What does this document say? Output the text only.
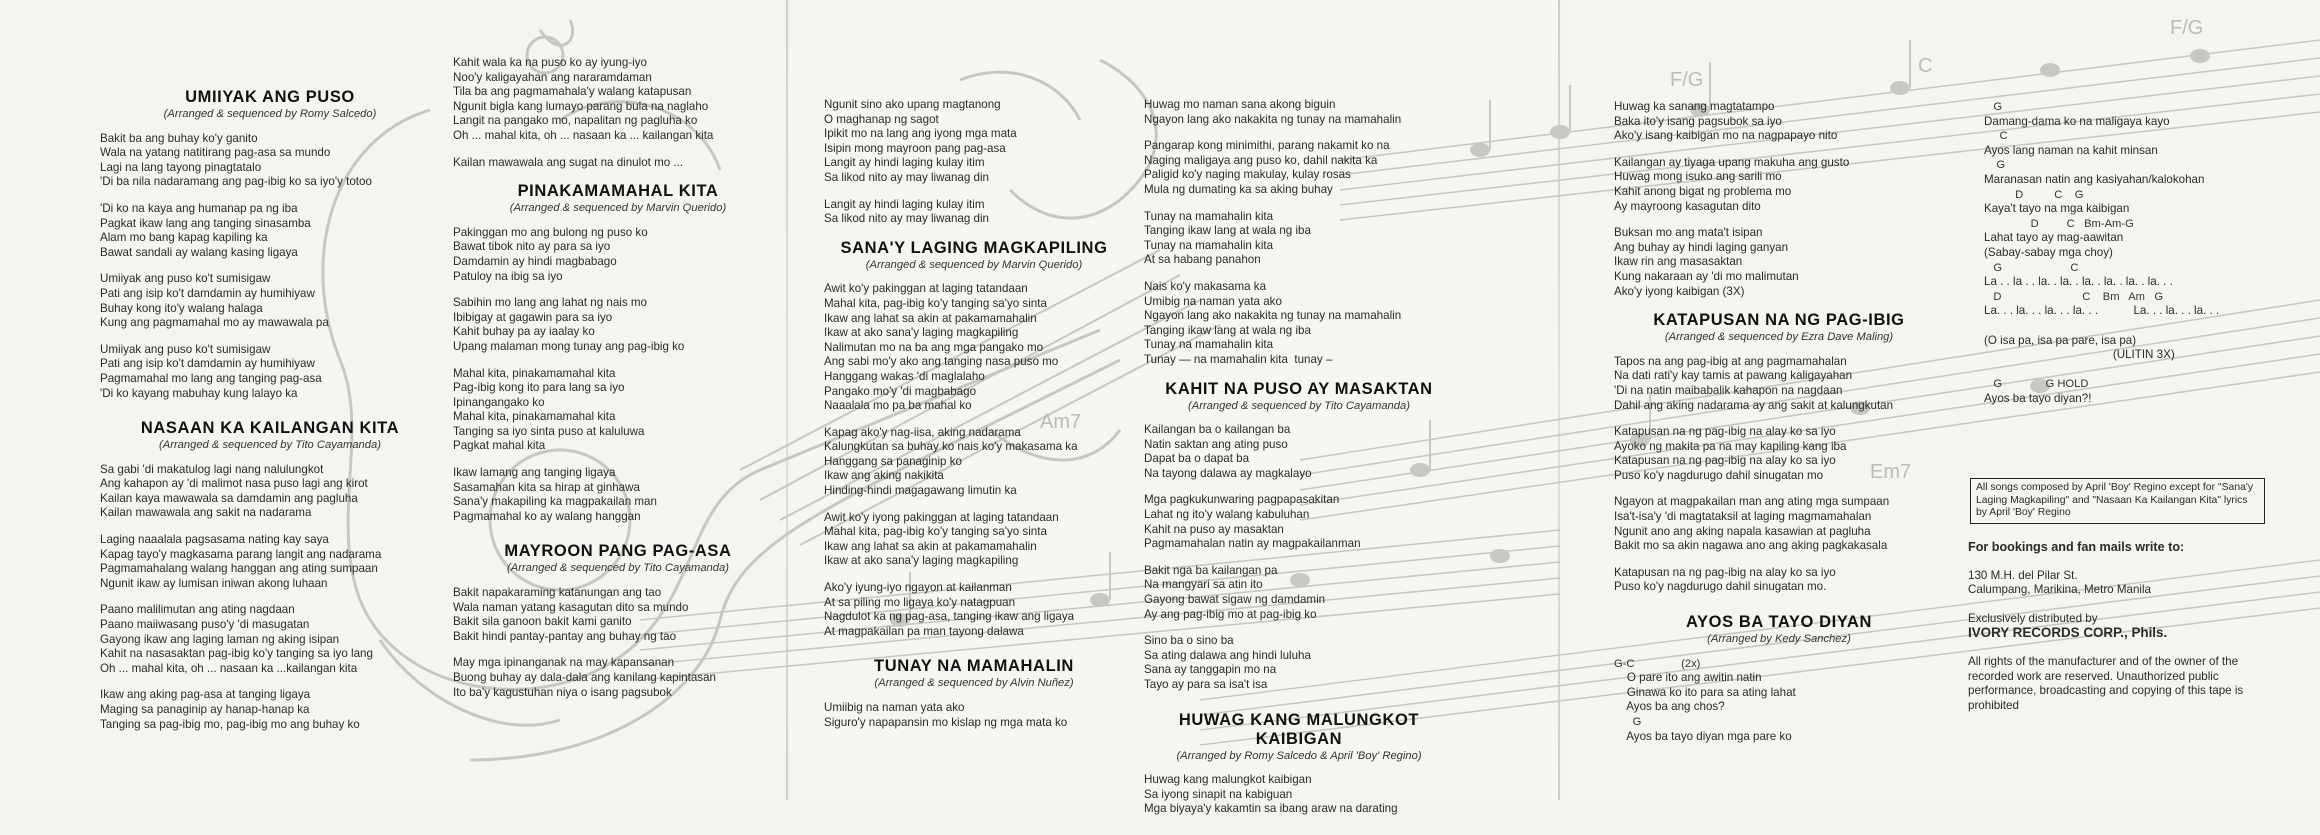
F/G
C
F/G
Am7
Em7
UMIIYAK ANG PUSO
(Arranged & sequenced by Romy Salcedo)
Bakit ba ang buhay ko'y ganito
Wala na yatang natitirang pag-asa sa mundo
Lagi na lang tayong pinagtatalo
'Di ba nila nadaramang ang pag-ibig ko sa iyo'y totoo
'Di ko na kaya ang humanap pa ng iba
Pagkat ikaw lang ang tanging sinasamba
Alam mo bang kapag kapiling ka
Bawat sandali ay walang kasing ligaya
Umiiyak ang puso ko't sumisigaw
Pati ang isip ko't damdamin ay humihiyaw
Buhay kong ito'y walang halaga
Kung ang pagmamahal mo ay mawawala pa
Umiiyak ang puso ko't sumisigaw
Pati ang isip ko't damdamin ay humihiyaw
Pagmamahal mo lang ang tanging pag-asa
'Di ko kayang mabuhay kung lalayo ka
NASAAN KA KAILANGAN KITA
(Arranged & sequenced by Tito Cayamanda)
Sa gabi 'di makatulog lagi nang nalulungkot
Ang kahapon ay 'di malimot nasa puso lagi ang kirot
Kailan kaya mawawala sa damdamin ang pagluha
Kailan mawawala ang sakit na nadarama
Laging naaalala pagsasama nating kay saya
Kapag tayo'y magkasama parang langit ang nadarama
Pagmamahalang walang hanggan ang ating sumpaan
Ngunit ikaw ay lumisan iniwan akong luhaan
Paano malilimutan ang ating nagdaan
Paano maiiwasang puso'y 'di masugatan
Gayong ikaw ang laging laman ng aking isipan
Kahit na nasasaktan pag-ibig ko'y tanging sa iyo lang
Oh ... mahal kita, oh ... nasaan ka ...kailangan kita
Ikaw ang aking pag-asa at tanging ligaya
Maging sa panaginip ay hanap-hanap ka
Tanging sa pag-ibig mo, pag-ibig mo ang buhay ko
Kahit wala ka na puso ko ay iyung-iyo
Noo'y kaligayahan ang nararamdaman
Tila ba ang pagmamahala'y walang katapusan
Ngunit bigla kang lumayo parang bula na naglaho
Langit na pangako mo, napalitan ng pagluha ko
Oh ... mahal kita, oh ... nasaan ka ... kailangan kita
Kailan mawawala ang sugat na dinulot mo ...
PINAKAMAMAHAL KITA
(Arranged & sequenced by Marvin Querido)
Pakinggan mo ang bulong ng puso ko
Bawat tibok nito ay para sa iyo
Damdamin ay hindi magbabago
Patuloy na ibig sa iyo
Sabihin mo lang ang lahat ng nais mo
Ibibigay at gagawin para sa iyo
Kahit buhay pa ay iaalay ko
Upang malaman mong tunay ang pag-ibig ko
Mahal kita, pinakamamahal kita
Pag-ibig kong ito para lang sa iyo
Ipinangangako ko
Mahal kita, pinakamamahal kita
Tanging sa iyo sinta puso at kaluluwa
Pagkat mahal kita
Ikaw lamang ang tanging ligaya
Sasamahan kita sa hirap at ginhawa
Sana'y makapiling ka magpakailan man
Pagmamahal ko ay walang hanggan
MAYROON PANG PAG-ASA
(Arranged & sequenced by Tito Cayamanda)
Bakit napakaraming katanungan ang tao
Wala naman yatang kasagutan dito sa mundo
Bakit sila ganoon bakit kami ganito
Bakit hindi pantay-pantay ang buhay ng tao
May mga ipinanganak na may kapansanan
Buong buhay ay dala-dala ang kanilang kapintasan
Ito ba'y kagustuhan niya o isang pagsubok
Ngunit sino ako upang magtanong
O maghanap ng sagot
Ipikit mo na lang ang iyong mga mata
Isipin mong mayroon pang pag-asa
Langit ay hindi laging kulay itim
Sa likod nito ay may liwanag din
Langit ay hindi laging kulay itim
Sa likod nito ay may liwanag din
SANA'Y LAGING MAGKAPILING
(Arranged & sequenced by Marvin Querido)
Awit ko'y pakinggan at laging tatandaan
Mahal kita, pag-ibig ko'y tanging sa'yo sinta
Ikaw ang lahat sa akin at pakamamahalin
Ikaw at ako sana'y laging magkapiling
Nalimutan mo na ba ang mga pangako mo
Ang sabi mo'y ako ang tanging nasa puso mo
Hanggang wakas 'di maglalaho
Pangako mo'y 'di magbabago
Naaalala mo pa ba mahal ko
Kapag ako'y nag-iisa, aking nadarama
Kalungkutan sa buhay ko nais ko'y makasama ka
Hanggang sa panaginip ko
Ikaw ang aking nakikita
Hinding-hindi magagawang limutin ka
Awit ko'y iyong pakinggan at laging tatandaan
Mahal kita, pag-ibig ko'y tanging sa'yo sinta
Ikaw ang lahat sa akin at pakamamahalin
Ikaw at ako sana'y laging magkapiling
Ako'y iyung-iyo ngayon at kailanman
At sa piling mo ligaya ko'y natagpuan
Nagdulot ka ng pag-asa, tanging ikaw ang ligaya
At magpakailan pa man tayong dalawa
TUNAY NA MAMAHALIN
(Arranged & sequenced by Alvin Nuñez)
Umiibig na naman yata ako
Siguro'y napapansin mo kislap ng mga mata ko
Huwag mo naman sana akong biguin
Ngayon lang ako nakakita ng tunay na mamahalin
Pangarap kong minimithi, parang nakamit ko na
Naging maligaya ang puso ko, dahil nakita ka
Paligid ko'y naging makulay, kulay rosas
Mula ng dumating ka sa aking buhay
Tunay na mamahalin kita
Tanging ikaw lang at wala ng iba
Tunay na mamahalin kita
At sa habang panahon
Nais ko'y makasama ka
Umibig na naman yata ako
Ngayon lang ako nakakita ng tunay na mamahalin
Tanging ikaw lang at wala ng iba
Tunay na mamahalin kita
Tunay — na mamahalin kita  tunay –
KAHIT NA PUSO AY MASAKTAN
(Arranged & sequenced by Tito Cayamanda)
Kailangan ba o kailangan ba
Natin saktan ang ating puso
Dapat ba o dapat ba
Na tayong dalawa ay magkalayo
Mga pagkukunwaring pagpapasakitan
Lahat ng ito'y walang kabuluhan
Kahit na puso ay masaktan
Pagmamahalan natin ay magpakailanman
Bakit nga ba kailangan pa
Na mangyari sa atin ito
Gayong bawat sigaw ng damdamin
Ay ang pag-ibig mo at pag-ibig ko
Sino ba o sino ba
Sa ating dalawa ang hindi luluha
Sana ay tanggapin mo na
Tayo ay para sa isa't isa
HUWAG KANG MALUNGKOT KAIBIGAN
(Arranged by Romy Salcedo & April 'Boy' Regino)
Huwag kang malungkot kaibigan
Sa iyong sinapit na kabiguan
Mga biyaya'y kakamtin sa ibang araw na darating
Huwag ka sanang magtatampo
Baka ito'y isang pagsubok sa iyo
Ako'y isang kaibigan mo na nagpapayo nito
Kailangan ay tiyaga upang makuha ang gusto
Huwag mong isuko ang sarili mo
Kahit anong bigat ng problema mo
Ay mayroong kasagutan dito
Buksan mo ang mata't isipan
Ang buhay ay hindi laging ganyan
Ikaw rin ang masasaktan
Kung nakaraan ay 'di mo malimutan
Ako'y iyong kaibigan (3X)
KATAPUSAN NA NG PAG-IBIG
(Arranged & sequenced by Ezra Dave Maling)
Tapos na ang pag-ibig at ang pagmamahalan
Na dati rati'y kay tamis at pawang kaligayahan
'Di na natin maibabalik kahapon na nagdaan
Dahil ang aking nadarama ay ang sakit at kalungkutan
Katapusan na ng pag-ibig na alay ko sa iyo
Ayoko ng makita pa na may kapiling kang iba
Katapusan na ng pag-ibig na alay ko sa iyo
Puso ko'y nagdurugo dahil sinugatan mo
Ngayon at magpakailan man ang ating mga sumpaan
Isa't-isa'y 'di magtataksil at laging magmamahalan
Ngunit ano ang aking napala kasawian at pagluha
Bakit mo sa akin nagawa ano ang aking pagkakasala
Katapusan na ng pag-ibig na alay ko sa iyo
Puso ko'y nagdurugo dahil sinugatan mo.
AYOS BA TAYO DIYAN
(Arranged by Kedy Sanchez)
G-C               (2x)
O pare ito ang awitin natin
Ginawa ko ito para sa ating lahat
Ayos ba ang chos?
G
Ayos ba tayo diyan mga pare ko
G
Damang-dama ko na maligaya kayo
C
Ayos lang naman na kahit minsan
G
Maranasan natin ang kasiyahan/kalokohan
D          C    G
Kaya't tayo na mga kaibigan
D         C   Bm-Am-G
Lahat tayo ay mag-aawitan
(Sabay-sabay mga choy)
G                      C
La . . la . . la. . la. . la. . la. . la. . la. . .
D                          C    Bm   Am   G
La. . . la. . . la. . . la. . .           La. . . la. . . la. . .

(O isa pa, isa pa pare, isa pa)
(ULITIN 3X)

G              G HOLD
Ayos ba tayo diyan?!
All songs composed by April 'Boy' Regino except for "Sana'y Laging Magkapiling" and "Nasaan Ka Kailangan Kita" lyrics by April 'Boy' Regino
For bookings and fan mails write to:
130 M.H. del Pilar St.
Calumpang, Marikina, Metro Manila
Exclusively distributed by
IVORY RECORDS CORP., Phils.
All rights of the manufacturer and of the owner of the recorded work are reserved. Unauthorized public performance, broadcasting and copying of this tape is prohibited
